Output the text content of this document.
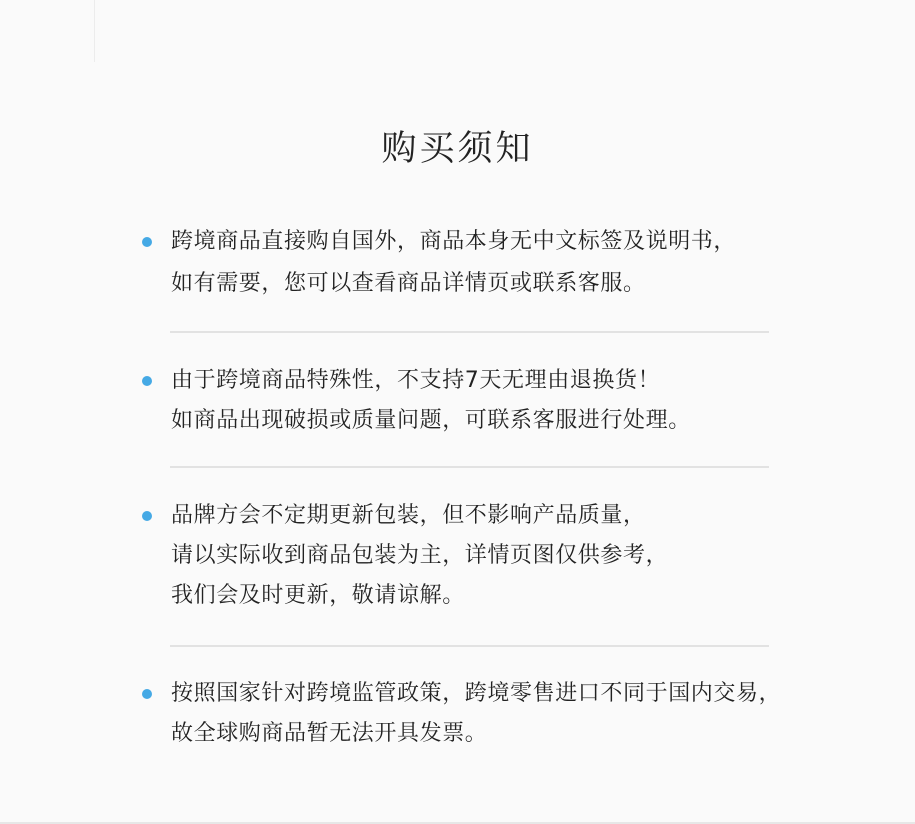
购买须知
跨境商品直接购自国外，商品本身无中文标签及说明书，
如有需要，您可以查看商品详情页或联系客服。
由于跨境商品特殊性，不支持7天无理由退换货！
如商品出现破损或质量问题，可联系客服进行处理。
品牌方会不定期更新包装，但不影响产品质量，
请以实际收到商品包装为主，详情页图仅供参考，
我们会及时更新，敬请谅解。
按照国家针对跨境监管政策，跨境零售进口不同于国内交易，
故全球购商品暂无法开具发票。
